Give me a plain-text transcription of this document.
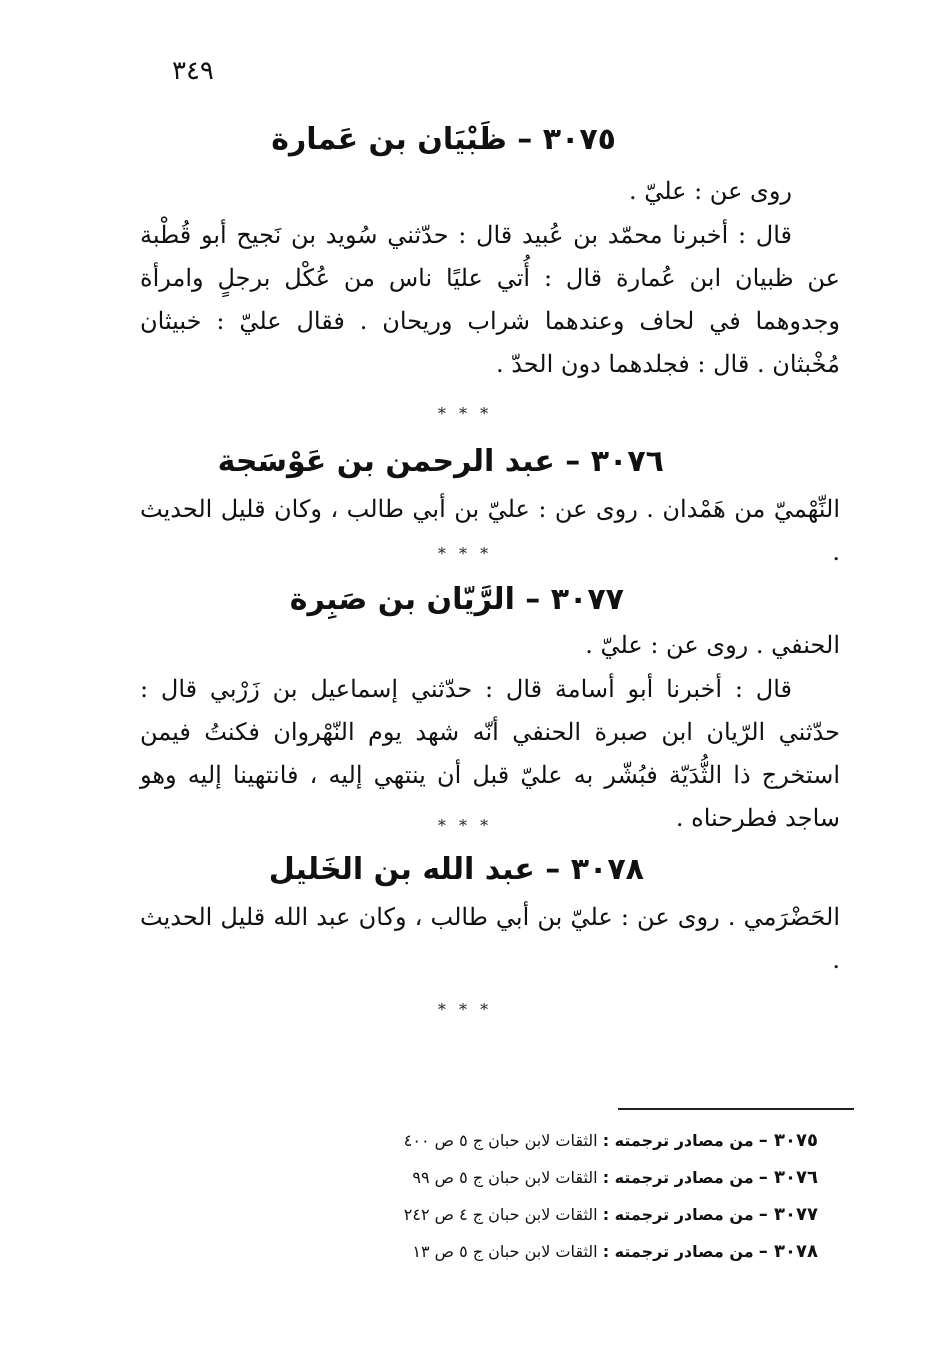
٣٤٩
٣٠٧٥ – ظَبْيَان بن عَمارة
روى عن : عليّ .
قال : أخبرنا محمّد بن عُبيد قال : حدّثني سُويد بن نَجيح أبو قُطْبة عن ظبيان ابن عُمارة قال : أُتي عليًا ناس من عُكْل برجلٍ وامرأة وجدوهما في لحاف وعندهما شراب وريحان . فقال عليّ : خبيثان مُخْبثان . قال : فجلدهما دون الحدّ .
* * *
٣٠٧٦ – عبد الرحمن بن عَوْسَجة
النِّهْميّ من هَمْدان . روى عن : عليّ بن أبي طالب ، وكان قليل الحديث .
* * *
٣٠٧٧ – الرَّيّان بن صَبِرة
الحنفي . روى عن : عليّ .
قال : أخبرنا أبو أسامة قال : حدّثني إسماعيل بن زَرْبي قال : حدّثني الرّيان ابن صبرة الحنفي أنّه شهد يوم النّهْروان فكنتُ فيمن استخرج ذا الثُّدَيّة فبُشّر به عليّ قبل أن ينتهي إليه ، فانتهينا إليه وهو ساجد فطرحناه .
* * *
٣٠٧٨ – عبد الله بن الخَليل
الحَضْرَمي . روى عن : عليّ بن أبي طالب ، وكان عبد الله قليل الحديث .
* * *
٣٠٧٥ – من مصادر ترجمته : الثقات لابن حبان ج ٥ ص ٤٠٠
٣٠٧٦ – من مصادر ترجمته : الثقات لابن حبان ج ٥ ص ٩٩
٣٠٧٧ – من مصادر ترجمته : الثقات لابن حبان ج ٤ ص ٢٤٢
٣٠٧٨ – من مصادر ترجمته : الثقات لابن حبان ج ٥ ص ١٣
